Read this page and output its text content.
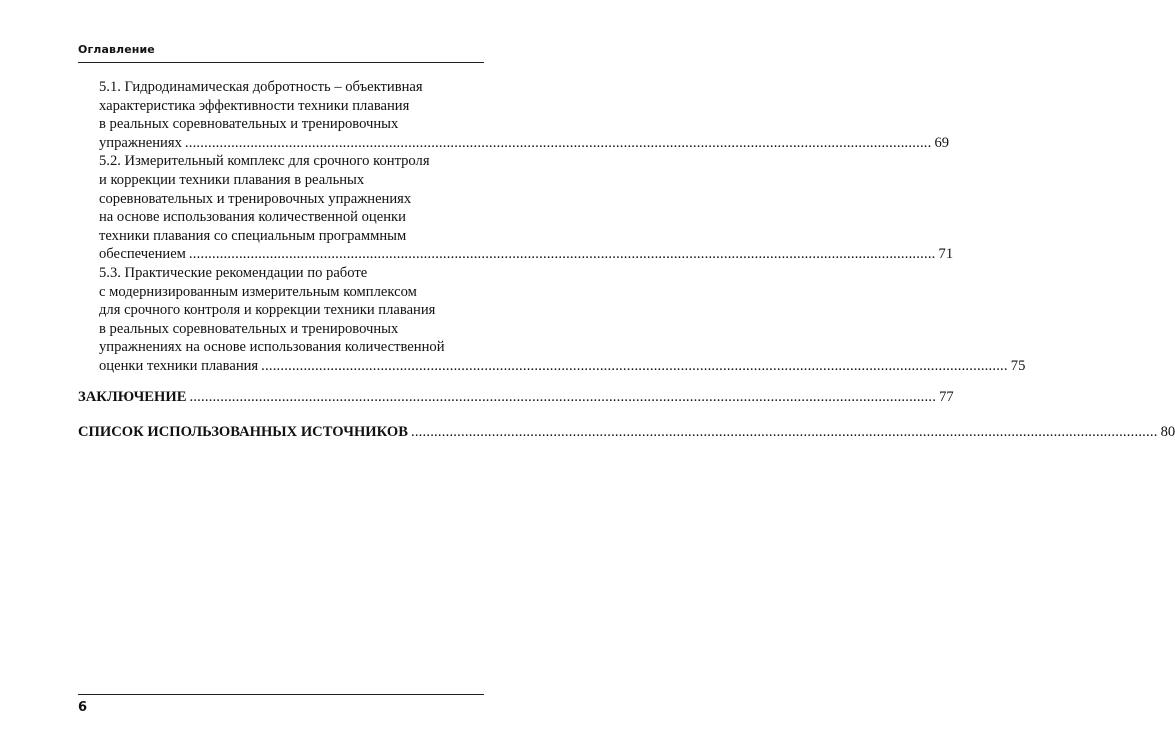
Оглавление
5.1. Гидродинамическая добротность – объективная
характеристика эффективности техники плавания
в реальных соревновательных и тренировочных
упражнениях .................................................................................................................................................................................................. 69
5.2. Измерительный комплекс для срочного контроля
и коррекции техники плавания в реальных
соревновательных и тренировочных упражнениях
на основе использования количественной оценки
техники плавания со специальным программным
обеспечением .................................................................................................................................................................................................. 71
5.3. Практические рекомендации по работе
с модернизированным измерительным комплексом
для срочного контроля и коррекции техники плавания
в реальных соревновательных и тренировочных
упражнениях на основе использования количественной
оценки техники плавания .................................................................................................................................................................................................. 75
ЗАКЛЮЧЕНИЕ .................................................................................................................................................................................................. 77
СПИСОК ИСПОЛЬЗОВАННЫХ ИСТОЧНИКОВ .................................................................................................................................................................................................. 80
6
